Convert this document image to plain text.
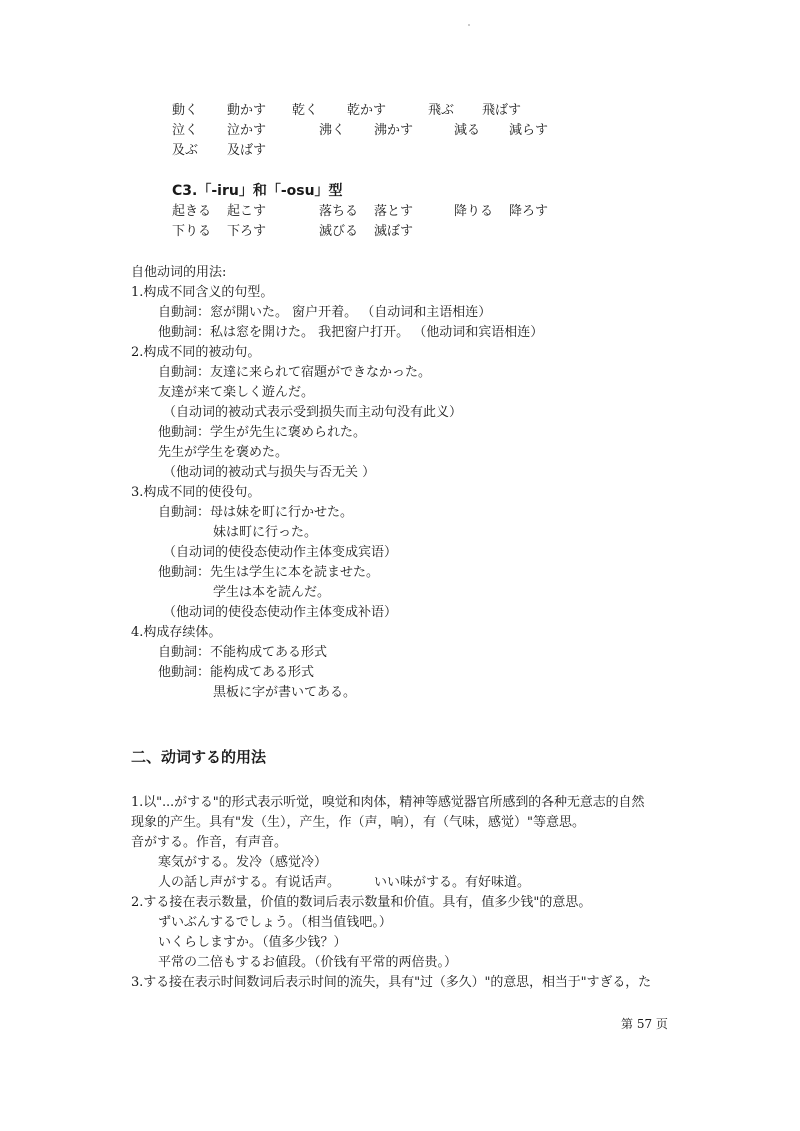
動く 動かす 乾く 乾かす	飛ぶ 飛ばす
泣く 泣かす	沸く 沸かす	減る 減らす
及ぶ 及ばす
C3.「-iru」和「-osu」型
起きる 起こす	落ちる 落とす	降りる 降ろす
下りる 下ろす	滅びる 滅ぼす
自他动词的用法:
1.构成不同含义的句型。
自動詞：窓が開いた。 窗户开着。 （自动词和主语相连）
他動詞：私は窓を開けた。 我把窗户打开。 （他动词和宾语相连）
2.构成不同的被动句。
自動詞：友達に来られて宿題ができなかった。
友達が来て楽しく遊んだ。
（自动词的被动式表示受到损失而主动句没有此义）
他動詞：学生が先生に褒められた。
先生が学生を褒めた。
（他动词的被动式与损失与否无关 ）
3.构成不同的使役句。
自動詞：母は妹を町に行かせた。
妹は町に行った。
（自动词的使役态使动作主体变成宾语）
他動詞：先生は学生に本を読ませた。
学生は本を読んだ。
（他动词的使役态使动作主体变成补语）
4.构成存续体。
自動詞：不能构成てある形式
他動詞：能构成てある形式
黒板に字が書いてある。
二、动词する的用法
1.以"...がする"的形式表示听觉，嗅觉和肉体，精神等感觉器官所感到的各种无意志的自然
现象的产生。具有"发（生），产生，作（声，响），有（气味，感觉）"等意思。
音がする。作音，有声音。
寒気がする。发冷（感觉冷）
人の話し声がする。有说话声。	いい味がする。有好味道。
2.する接在表示数量，价值的数词后表示数量和价值。具有，值多少钱"的意思。
ずいぶんするでしょう。（相当值钱吧。）
いくらしますか。（值多少钱？）
平常の二倍もするお値段。（价钱有平常的两倍贵。）
3.する接在表示时间数词后表示时间的流失，具有"过（多久）"的意思，相当于"すぎる，た
第 57 页
